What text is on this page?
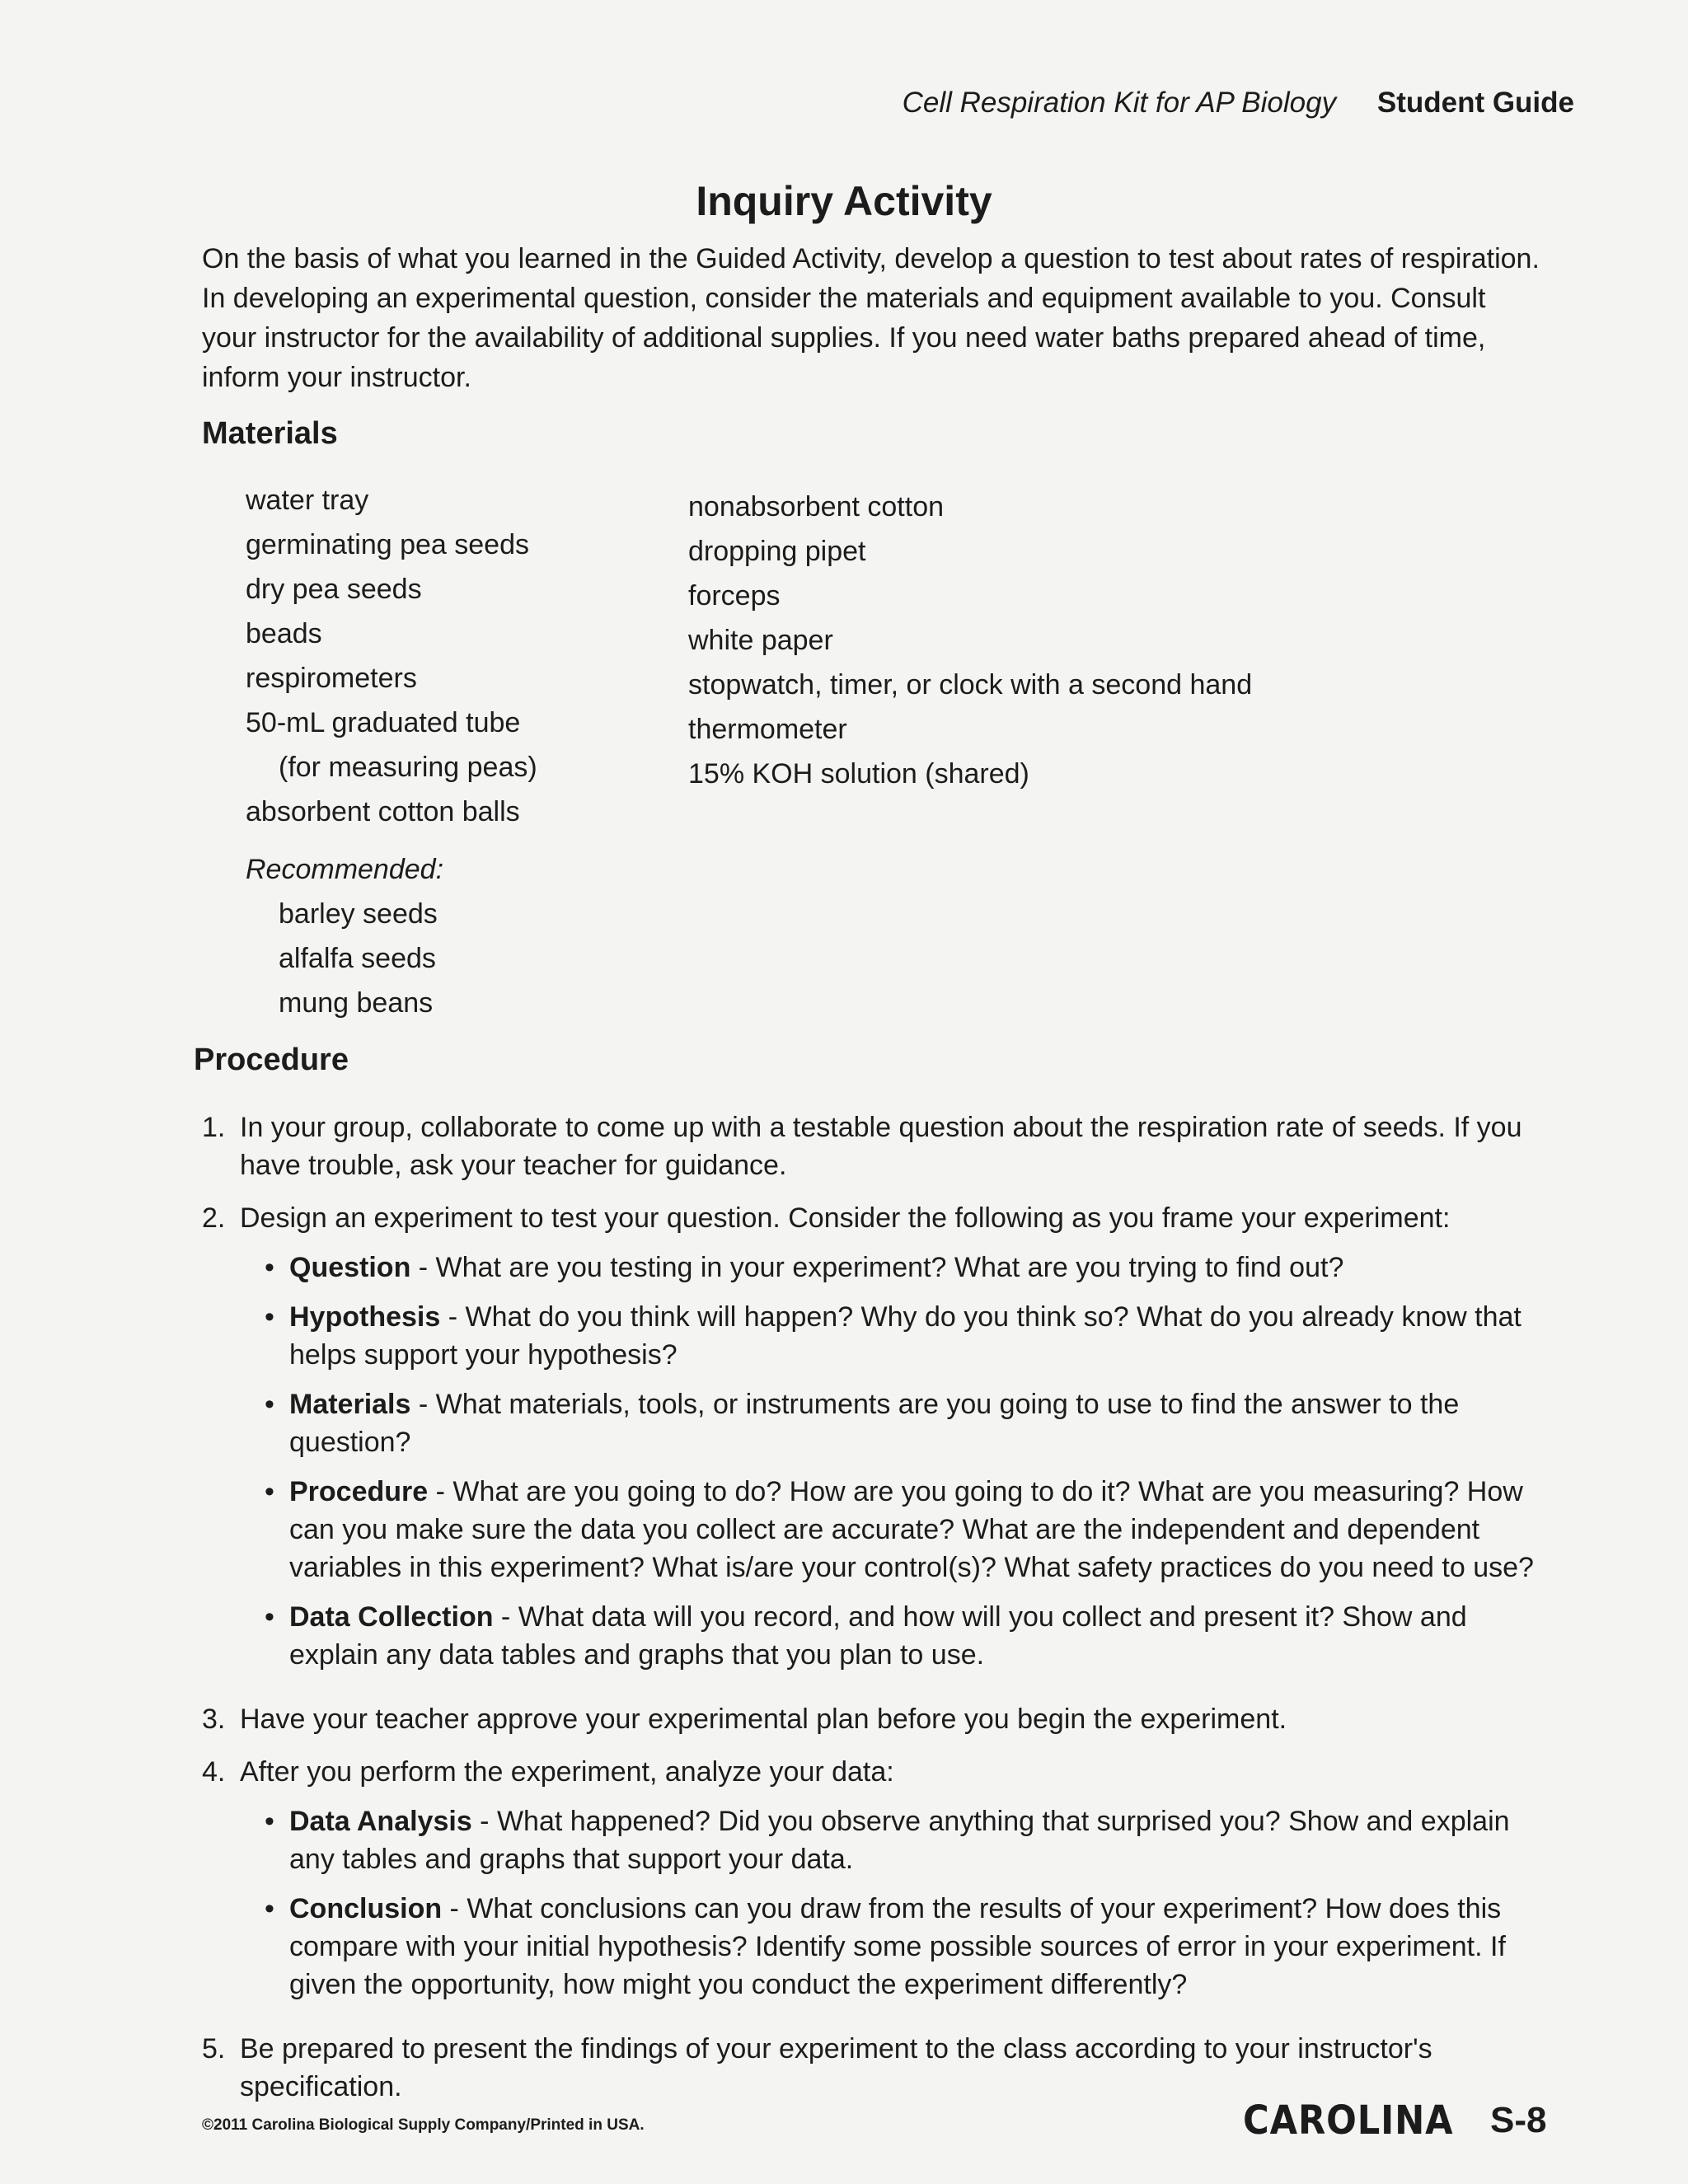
Cell Respiration Kit for AP Biology Student Guide
Inquiry Activity
On the basis of what you learned in the Guided Activity, develop a question to test about rates of respiration. In developing an experimental question, consider the materials and equipment available to you. Consult your instructor for the availability of additional supplies. If you need water baths prepared ahead of time, inform your instructor.
Materials
water tray
germinating pea seeds
dry pea seeds
beads
respirometers
50-mL graduated tube
(for measuring peas)
absorbent cotton balls
Recommended:
barley seeds
alfalfa seeds
mung beans
nonabsorbent cotton
dropping pipet
forceps
white paper
stopwatch, timer, or clock with a second hand
thermometer
15% KOH solution (shared)
Procedure
1. In your group, collaborate to come up with a testable question about the respiration rate of seeds. If you have trouble, ask your teacher for guidance.
2. Design an experiment to test your question. Consider the following as you frame your experiment:
• Question - What are you testing in your experiment? What are you trying to find out?
• Hypothesis - What do you think will happen? Why do you think so? What do you already know that helps support your hypothesis?
• Materials - What materials, tools, or instruments are you going to use to find the answer to the question?
• Procedure - What are you going to do? How are you going to do it? What are you measuring? How can you make sure the data you collect are accurate? What are the independent and dependent variables in this experiment? What is/are your control(s)? What safety practices do you need to use?
• Data Collection - What data will you record, and how will you collect and present it? Show and explain any data tables and graphs that you plan to use.
3. Have your teacher approve your experimental plan before you begin the experiment.
4. After you perform the experiment, analyze your data:
• Data Analysis - What happened? Did you observe anything that surprised you? Show and explain any tables and graphs that support your data.
• Conclusion - What conclusions can you draw from the results of your experiment? How does this compare with your initial hypothesis? Identify some possible sources of error in your experiment. If given the opportunity, how might you conduct the experiment differently?
5. Be prepared to present the findings of your experiment to the class according to your instructor's specification.
©2011 Carolina Biological Supply Company/Printed in USA.	CAROLINA S-8
